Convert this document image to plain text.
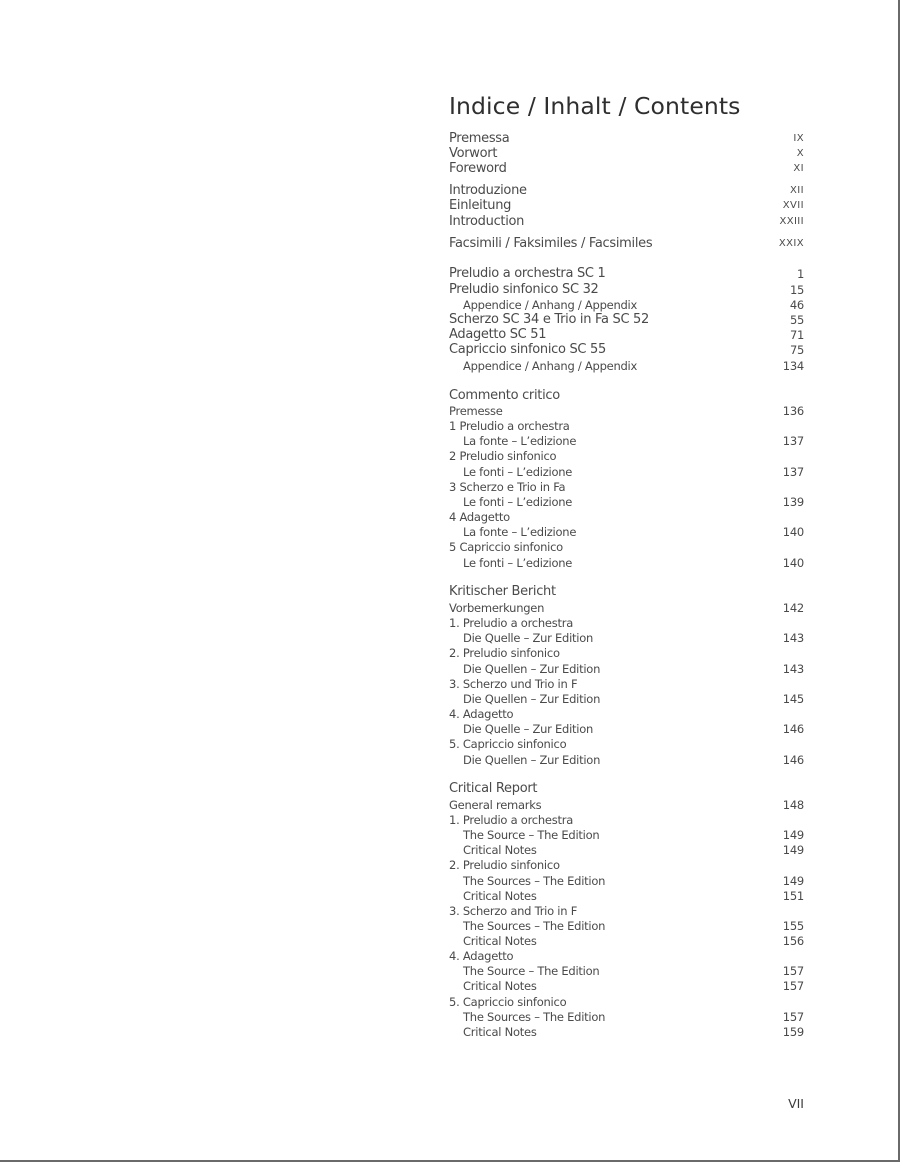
Indice / Inhalt / Contents
Premessa	IX
Vorwort	X
Foreword	XI
Introduzione	XII
Einleitung	XVII
Introduction	XXIII
Facsimili / Faksimiles / Facsimiles	XXIX
Preludio a orchestra SC 1	1
Preludio sinfonico SC 32	15
Appendice / Anhang / Appendix	46
Scherzo SC 34 e Trio in Fa SC 52	55
Adagetto SC 51	71
Capriccio sinfonico SC 55	75
Appendice / Anhang / Appendix	134
Commento critico
Premesse	136
1 Preludio a orchestra
La fonte – L’edizione	137
2 Preludio sinfonico
Le fonti – L’edizione	137
3 Scherzo e Trio in Fa
Le fonti – L’edizione	139
4 Adagetto
La fonte – L’edizione	140
5 Capriccio sinfonico
Le fonti – L’edizione	140
Kritischer Bericht
Vorbemerkungen	142
1. Preludio a orchestra
Die Quelle – Zur Edition	143
2. Preludio sinfonico
Die Quellen – Zur Edition	143
3. Scherzo und Trio in F
Die Quellen – Zur Edition	145
4. Adagetto
Die Quelle – Zur Edition	146
5. Capriccio sinfonico
Die Quellen – Zur Edition	146
Critical Report
General remarks	148
1. Preludio a orchestra
The Source – The Edition	149
Critical Notes	149
2. Preludio sinfonico
The Sources – The Edition	149
Critical Notes	151
3. Scherzo and Trio in F
The Sources – The Edition	155
Critical Notes	156
4. Adagetto
The Source – The Edition	157
Critical Notes	157
5. Capriccio sinfonico
The Sources – The Edition	157
Critical Notes	159
VII
